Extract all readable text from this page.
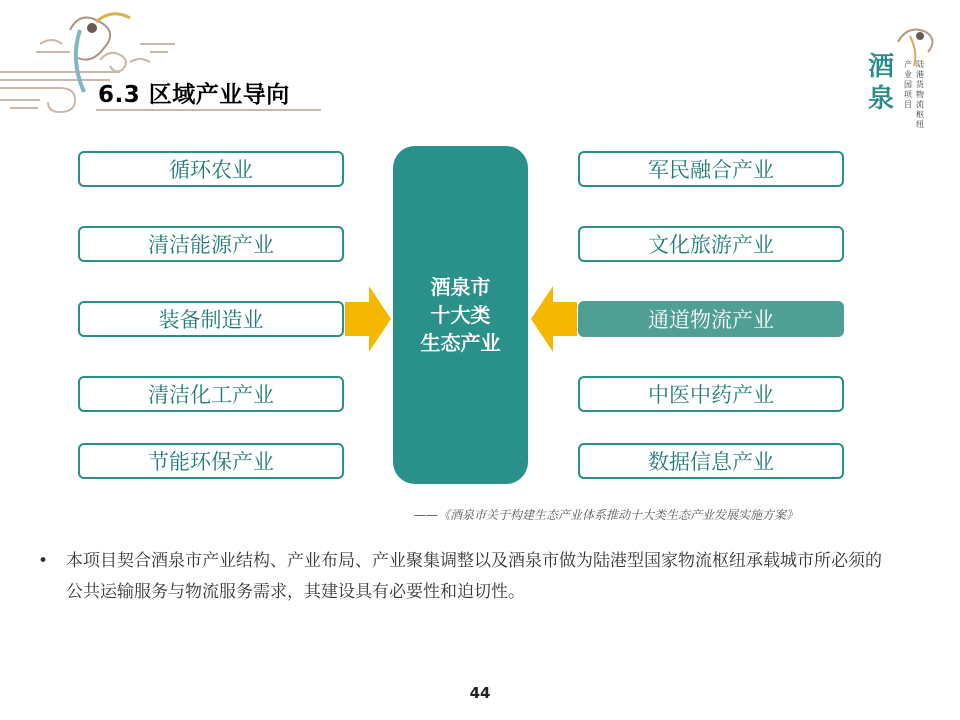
6.3 区域产业导向
酒
泉
产业园项目
陆港货物流枢纽
循环农业
清洁能源产业
装备制造业
清洁化工产业
节能环保产业
酒泉市
十大类
生态产业
军民融合产业
文化旅游产业
通道物流产业
中医中药产业
数据信息产业
——《酒泉市关于构建生态产业体系推动十大类生态产业发展实施方案》
• 本项目契合酒泉市产业结构、产业布局、产业聚集调整以及酒泉市做为陆港型国家物流枢纽承载城市所必须的公共运输服务与物流服务需求，其建设具有必要性和迫切性。

44
